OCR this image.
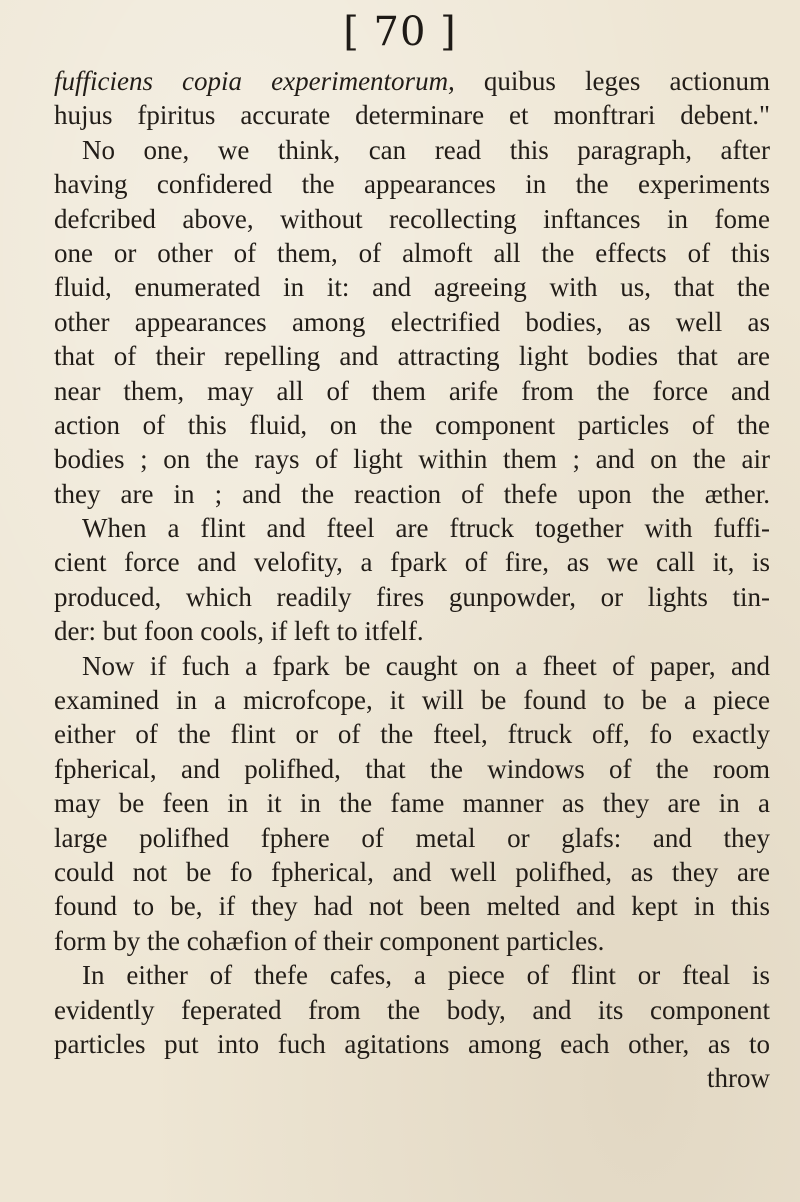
[ 70 ]
fufficiens copia experimentorum, quibus leges actionum
hujus fpiritus accurate determinare et monftrari debent."
No one, we think, can read this paragraph, after
having confidered the appearances in the experiments
defcribed above, without recollecting inftances in fome
one or other of them, of almoft all the effects of this
fluid, enumerated in it: and agreeing with us, that the
other appearances among electrified bodies, as well as
that of their repelling and attracting light bodies that are
near them, may all of them arife from the force and
action of this fluid, on the component particles of the
bodies ; on the rays of light within them ; and on the air
they are in ; and the reaction of thefe upon the æther.
When a flint and fteel are ftruck together with fuffi-
cient force and velofity, a fpark of fire, as we call it, is
produced, which readily fires gunpowder, or lights tin-
der: but foon cools, if left to itfelf.
Now if fuch a fpark be caught on a fheet of paper, and
examined in a microfcope, it will be found to be a piece
either of the flint or of the fteel, ftruck off, fo exactly
fpherical, and polifhed, that the windows of the room
may be feen in it in the fame manner as they are in a
large polifhed fphere of metal or glafs: and they
could not be fo fpherical, and well polifhed, as they are
found to be, if they had not been melted and kept in this
form by the cohæfion of their component particles.
In either of thefe cafes, a piece of flint or fteal is
evidently feperated from the body, and its component
particles put into fuch agitations among each other, as to
throw
